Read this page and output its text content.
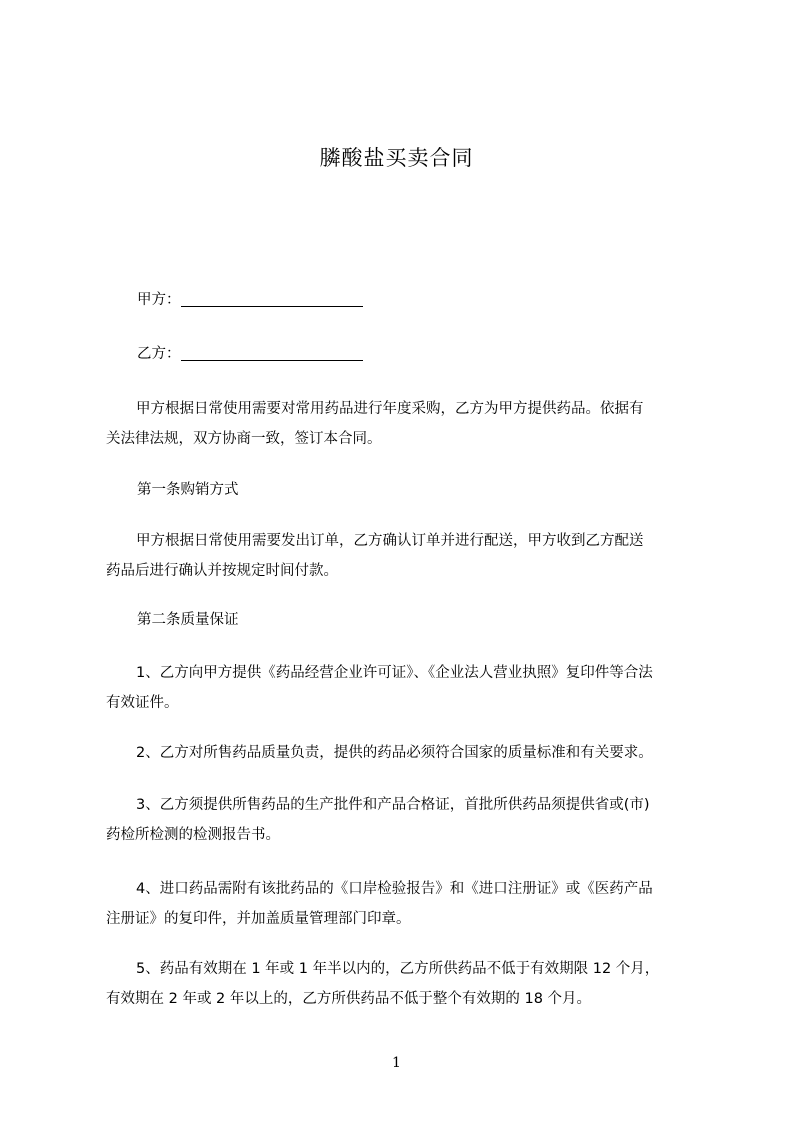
膦酸盐买卖合同
甲方：
乙方：
甲方根据日常使用需要对常用药品进行年度采购，乙方为甲方提供药品。依据有
关法律法规，双方协商一致，签订本合同。
第一条购销方式
甲方根据日常使用需要发出订单，乙方确认订单并进行配送，甲方收到乙方配送
药品后进行确认并按规定时间付款。
第二条质量保证
1、乙方向甲方提供《药品经营企业许可证》、《企业法人营业执照》复印件等合法
有效证件。
2、乙方对所售药品质量负责，提供的药品必须符合国家的质量标准和有关要求。
3、乙方须提供所售药品的生产批件和产品合格证，首批所供药品须提供省或(市)
药检所检测的检测报告书。
4、进口药品需附有该批药品的《口岸检验报告》和《进口注册证》或《医药产品
注册证》的复印件，并加盖质量管理部门印章。
5、药品有效期在 1 年或 1 年半以内的，乙方所供药品不低于有效期限 12 个月，
有效期在 2 年或 2 年以上的，乙方所供药品不低于整个有效期的 18 个月。
1
